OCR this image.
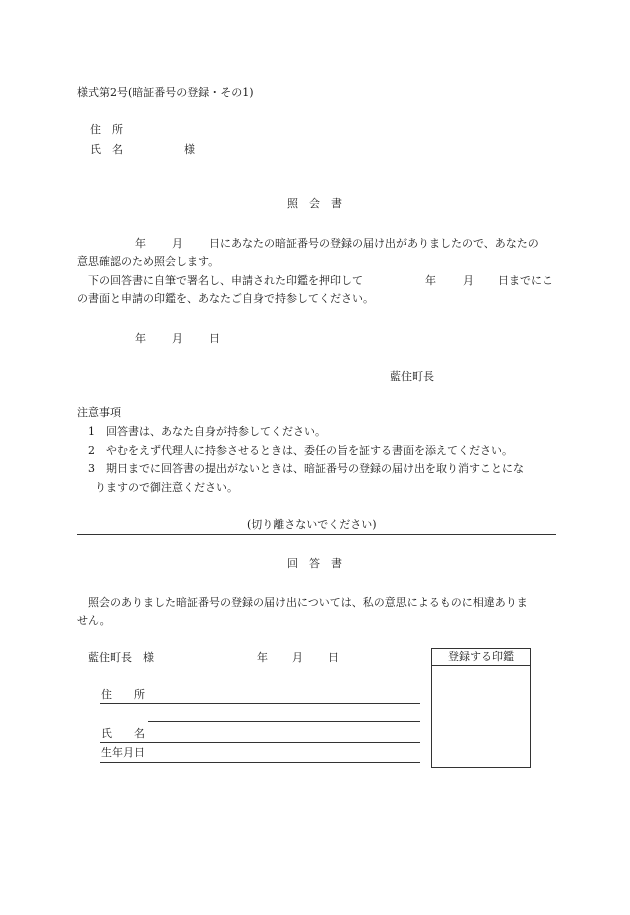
様式第2号(暗証番号の登録・その1)
住　所
氏　名	様
照　会　書
年 月 日にあなたの暗証番号の登録の届け出がありましたので、あなたの
意思確認のため照会します。
下の回答書に自筆で署名し、申請された印鑑を押印して	年 月 日までにこ
の書面と申請の印鑑を、あなたご自身で持参してください。
年 月 日
藍住町長
注意事項
1　回答書は、あなた自身が持参してください。
2　やむをえず代理人に持参させるときは、委任の旨を証する書面を添えてください。
3　期日までに回答書の提出がないときは、暗証番号の登録の届け出を取り消すことにな
りますので御注意ください。
(切り離さないでください)
回　答　書
照会のありました暗証番号の登録の届け出については、私の意思によるものに相違ありま
せん。
藍住町長　様	年 月 日
住　　所
氏　　名
生年月日
登録する印鑑
